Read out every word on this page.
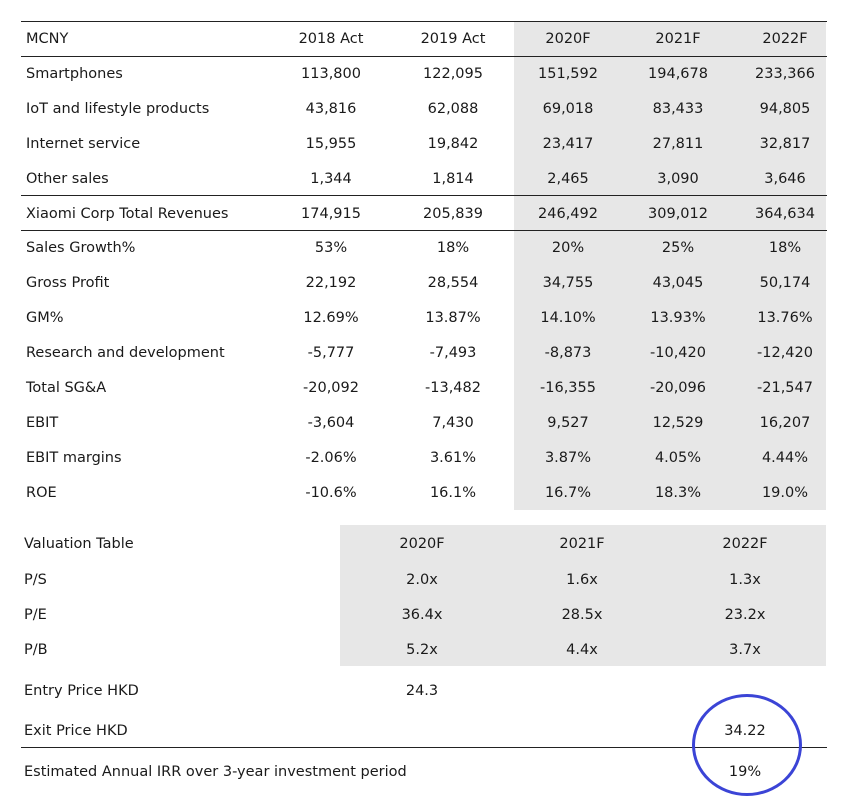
MCNY	2018 Act	2019 Act	2020F	2021F	2022F
Smartphones	113,800	122,095	151,592	194,678	233,366
IoT and lifestyle products	43,816	62,088	69,018	83,433	94,805
Internet service	15,955	19,842	23,417	27,811	32,817
Other sales	1,344	1,814	2,465	3,090	3,646
Xiaomi Corp Total Revenues	174,915	205,839	246,492	309,012	364,634
Sales Growth%	53%	18%	20%	25%	18%
Gross Profit	22,192	28,554	34,755	43,045	50,174
GM%	12.69%	13.87%	14.10%	13.93%	13.76%
Research and development	-5,777	-7,493	-8,873	-10,420	-12,420
Total SG&A	-20,092	-13,482	-16,355	-20,096	-21,547
EBIT	-3,604	7,430	9,527	12,529	16,207
EBIT margins	-2.06%	3.61%	3.87%	4.05%	4.44%
ROE	-10.6%	16.1%	16.7%	18.3%	19.0%
Valuation Table	2020F	2021F	2022F
P/S	2.0x	1.6x	1.3x
P/E	36.4x	28.5x	23.2x
P/B	5.2x	4.4x	3.7x
Entry Price HKD	24.3
Exit Price HKD	34.22
Estimated Annual IRR over 3-year investment period	19%
